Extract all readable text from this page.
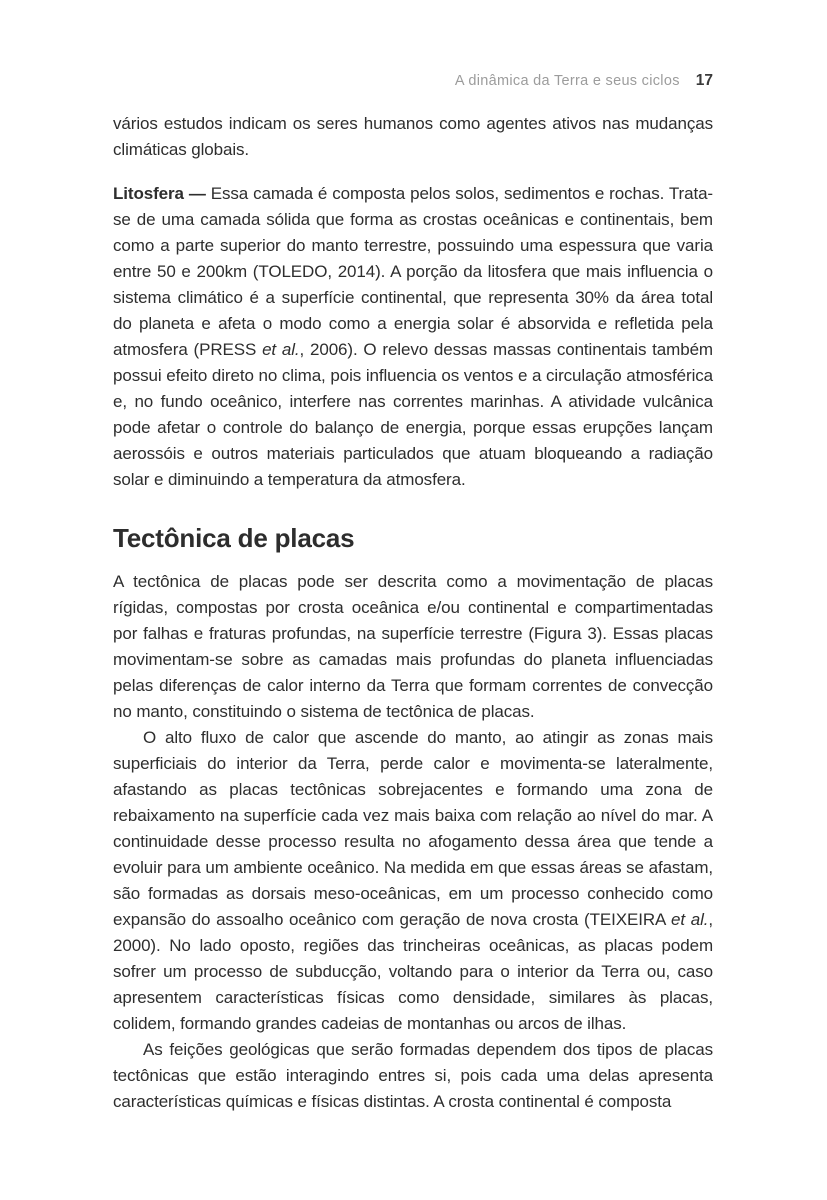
A dinâmica da Terra e seus ciclos 17

vários estudos indicam os seres humanos como agentes ativos nas mudanças climáticas globais.

Litosfera — Essa camada é composta pelos solos, sedimentos e rochas. Trata-se de uma camada sólida que forma as crostas oceânicas e continentais, bem como a parte superior do manto terrestre, possuindo uma espessura que varia entre 50 e 200km (TOLEDO, 2014). A porção da litosfera que mais influencia o sistema climático é a superfície continental, que representa 30% da área total do planeta e afeta o modo como a energia solar é absorvida e refletida pela atmosfera (PRESS et al., 2006). O relevo dessas massas continentais também possui efeito direto no clima, pois influencia os ventos e a circulação atmosférica e, no fundo oceânico, interfere nas correntes marinhas. A atividade vulcânica pode afetar o controle do balanço de energia, porque essas erupções lançam aerossóis e outros materiais particulados que atuam bloqueando a radiação solar e diminuindo a temperatura da atmosfera.

Tectônica de placas

A tectônica de placas pode ser descrita como a movimentação de placas rígidas, compostas por crosta oceânica e/ou continental e compartimentadas por falhas e fraturas profundas, na superfície terrestre (Figura 3). Essas placas movimentam-se sobre as camadas mais profundas do planeta influenciadas pelas diferenças de calor interno da Terra que formam correntes de convecção no manto, constituindo o sistema de tectônica de placas.

O alto fluxo de calor que ascende do manto, ao atingir as zonas mais superficiais do interior da Terra, perde calor e movimenta-se lateralmente, afastando as placas tectônicas sobrejacentes e formando uma zona de rebaixamento na superfície cada vez mais baixa com relação ao nível do mar. A continuidade desse processo resulta no afogamento dessa área que tende a evoluir para um ambiente oceânico. Na medida em que essas áreas se afastam, são formadas as dorsais meso-oceânicas, em um processo conhecido como expansão do assoalho oceânico com geração de nova crosta (TEIXEIRA et al., 2000). No lado oposto, regiões das trincheiras oceânicas, as placas podem sofrer um processo de subducção, voltando para o interior da Terra ou, caso apresentem características físicas como densidade, similares às placas, colidem, formando grandes cadeias de montanhas ou arcos de ilhas.

As feições geológicas que serão formadas dependem dos tipos de placas tectônicas que estão interagindo entres si, pois cada uma delas apresenta características químicas e físicas distintas. A crosta continental é composta
